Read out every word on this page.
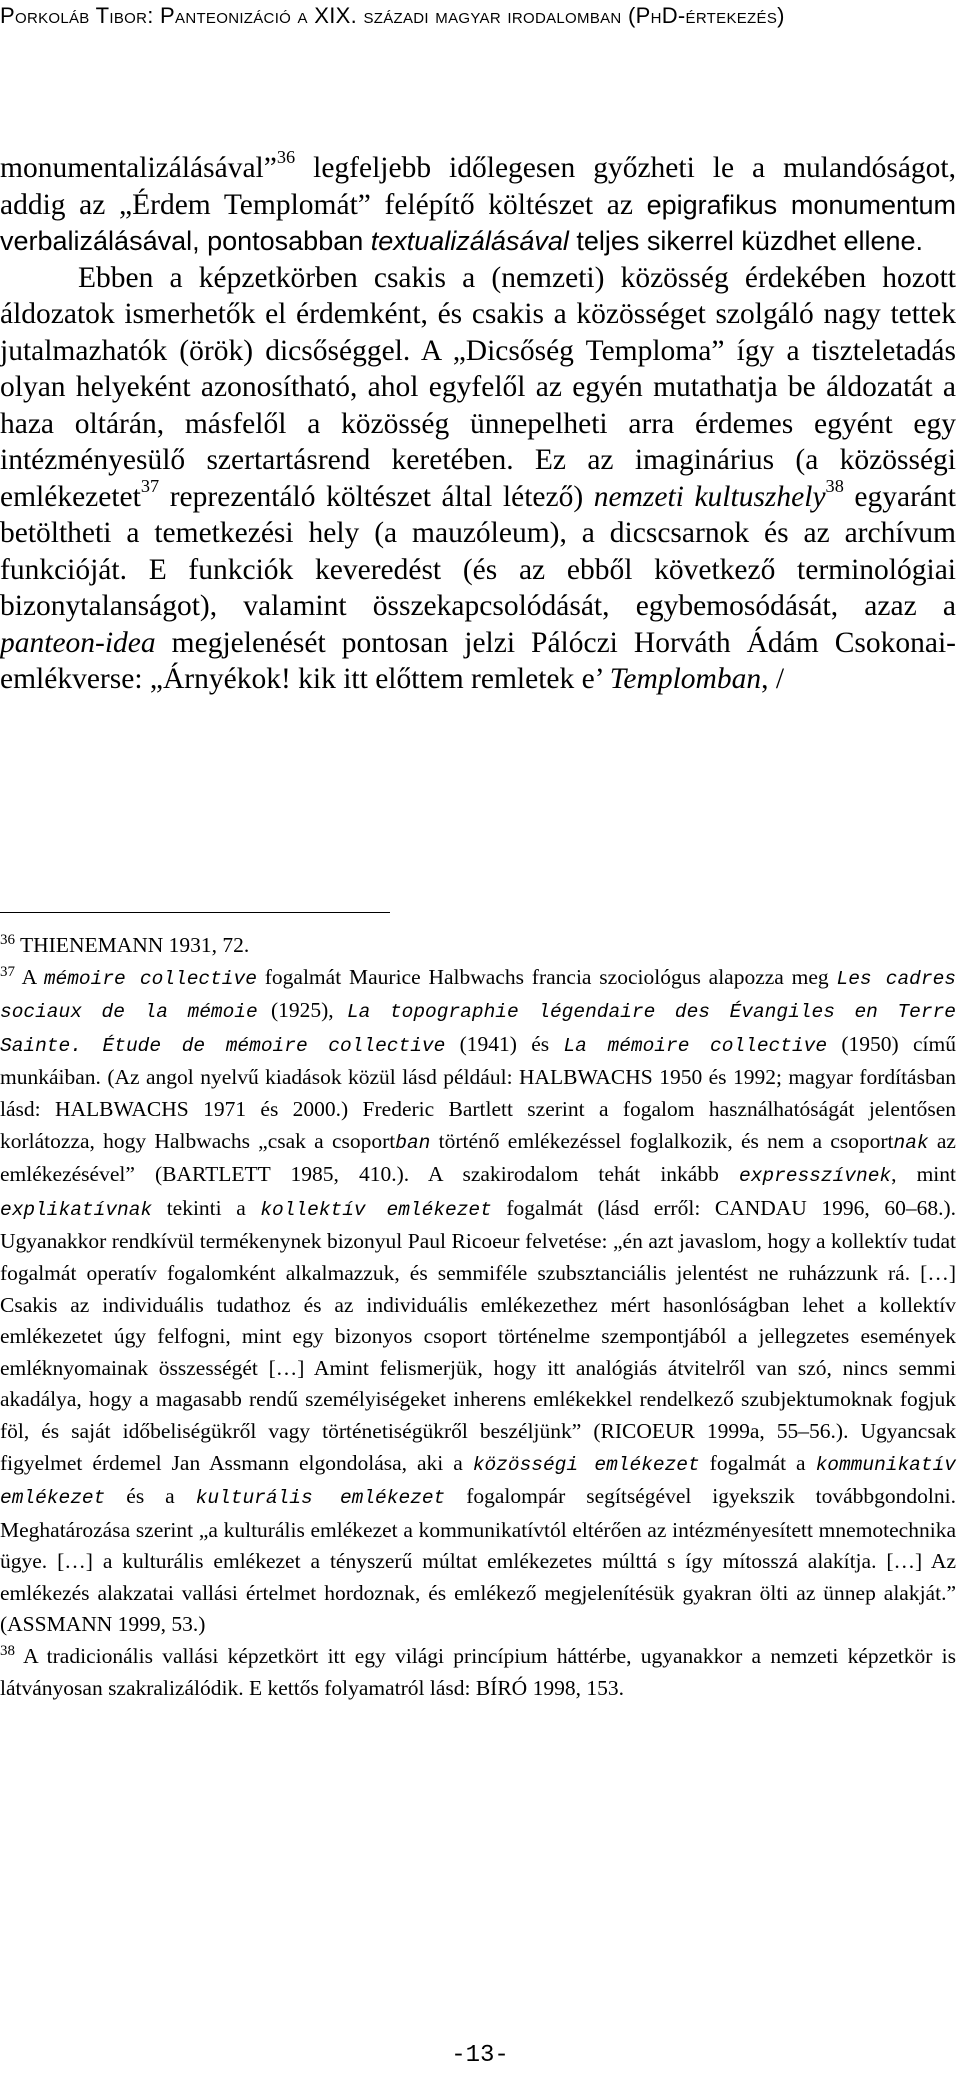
Porkoláb Tibor: Panteonizáció a XIX. századi magyar irodalomban (PhD-értekezés)

monumentalizálásával”$^{36}$ legfeljebb időlegesen győzheti le a mulandóságot, addig az „Érdem Templomát” felépítő költészet az epigrafikus monumentum verbalizálásával, pontosabban textualizálásával teljes sikerrel küzdhet ellene.

Ebben a képzetkörben csakis a (nemzeti) közösség érdekében hozott áldozatok ismerhetők el érdemként, és csakis a közösséget szolgáló nagy tettek jutalmazhatók (örök) dicsőséggel. A „Dicsőség Temploma” így a tiszteletadás olyan helyeként azonosítható, ahol egyfelől az egyén mutathatja be áldozatát a haza oltárán, másfelől a közösség ünnepelheti arra érdemes egyént egy intézményesülő szertartásrend keretében. Ez az imaginárius (a közösségi emlékezetet$^{37}$ reprezentáló költészet által létező) nemzeti kultuszhely$^{38}$ egyaránt betöltheti a temetkezési hely (a mauzóleum), a dicscsarnok és az archívum funkcióját. E funkciók keveredést (és az ebből következő terminológiai bizonytalanságot), valamint összekapcsolódását, egybemosódását, azaz a panteon-idea megjelenését pontosan jelzi Pálóczi Horváth Ádám Csokonai-emlékverse: „Árnyékok! kik itt előttem remletek e’ Templomban, /

$^{36}$ THIENEMANN 1931, 72.

$^{37}$ A mémoire collective fogalmát Maurice Halbwachs francia szociológus alapozza meg Les cadres sociaux de la mémoie (1925), La topographie légendaire des Évangiles en Terre Sainte. Étude de mémoire collective (1941) és La mémoire collective (1950) című munkáiban. (Az angol nyelvű kiadások közül lásd például: HALBWACHS 1950 és 1992; magyar fordításban lásd: HALBWACHS 1971 és 2000.) Frederic Bartlett szerint a fogalom használhatóságát jelentősen korlátozza, hogy Halbwachs „csak a csoportban történő emlékezéssel foglalkozik, és nem a csoportnak az emlékezésével” (BARTLETT 1985, 410.). A szakirodalom tehát inkább expresszívnek, mint explikatívnak tekinti a kollektív emlékezet fogalmát (lásd erről: CANDAU 1996, 60–68.). Ugyanakkor rendkívül termékenynek bizonyul Paul Ricoeur felvetése: „én azt javaslom, hogy a kollektív tudat fogalmát operatív fogalomként alkalmazzuk, és semmiféle szubsztanciális jelentést ne ruházzunk rá. […] Csakis az individuális tudathoz és az individuális emlékezethez mért hasonlóságban lehet a kollektív emlékezetet úgy felfogni, mint egy bizonyos csoport történelme szempontjából a jellegzetes események emléknyomainak összességét […] Amint felismerjük, hogy itt analógiás átvitelről van szó, nincs semmi akadálya, hogy a magasabb rendű személyiségeket inherens emlékekkel rendelkező szubjektumoknak fogjuk föl, és saját időbeliségükről vagy történetiségükről beszéljünk” (RICOEUR 1999a, 55–56.). Ugyancsak figyelmet érdemel Jan Assmann elgondolása, aki a közösségi emlékezet fogalmát a kommunikatív emlékezet és a kulturális emlékezet fogalompár segítségével igyekszik továbbgondolni. Meghatározása szerint „a kulturális emlékezet a kommunikatívtól eltérően az intézményesített mnemotechnika ügye. […] a kulturális emlékezet a tényszerű múltat emlékezetes múlttá s így mítosszá alakítja. […] Az emlékezés alakzatai vallási értelmet hordoznak, és emlékező megjelenítésük gyakran ölti az ünnep alakját.” (ASSMANN 1999, 53.)

$^{38}$ A tradicionális vallási képzetkört itt egy világi princípium háttérbe, ugyanakkor a nemzeti képzetkör is látványosan szakralizálódik. E kettős folyamatról lásd: BÍRÓ 1998, 153.

-13-
